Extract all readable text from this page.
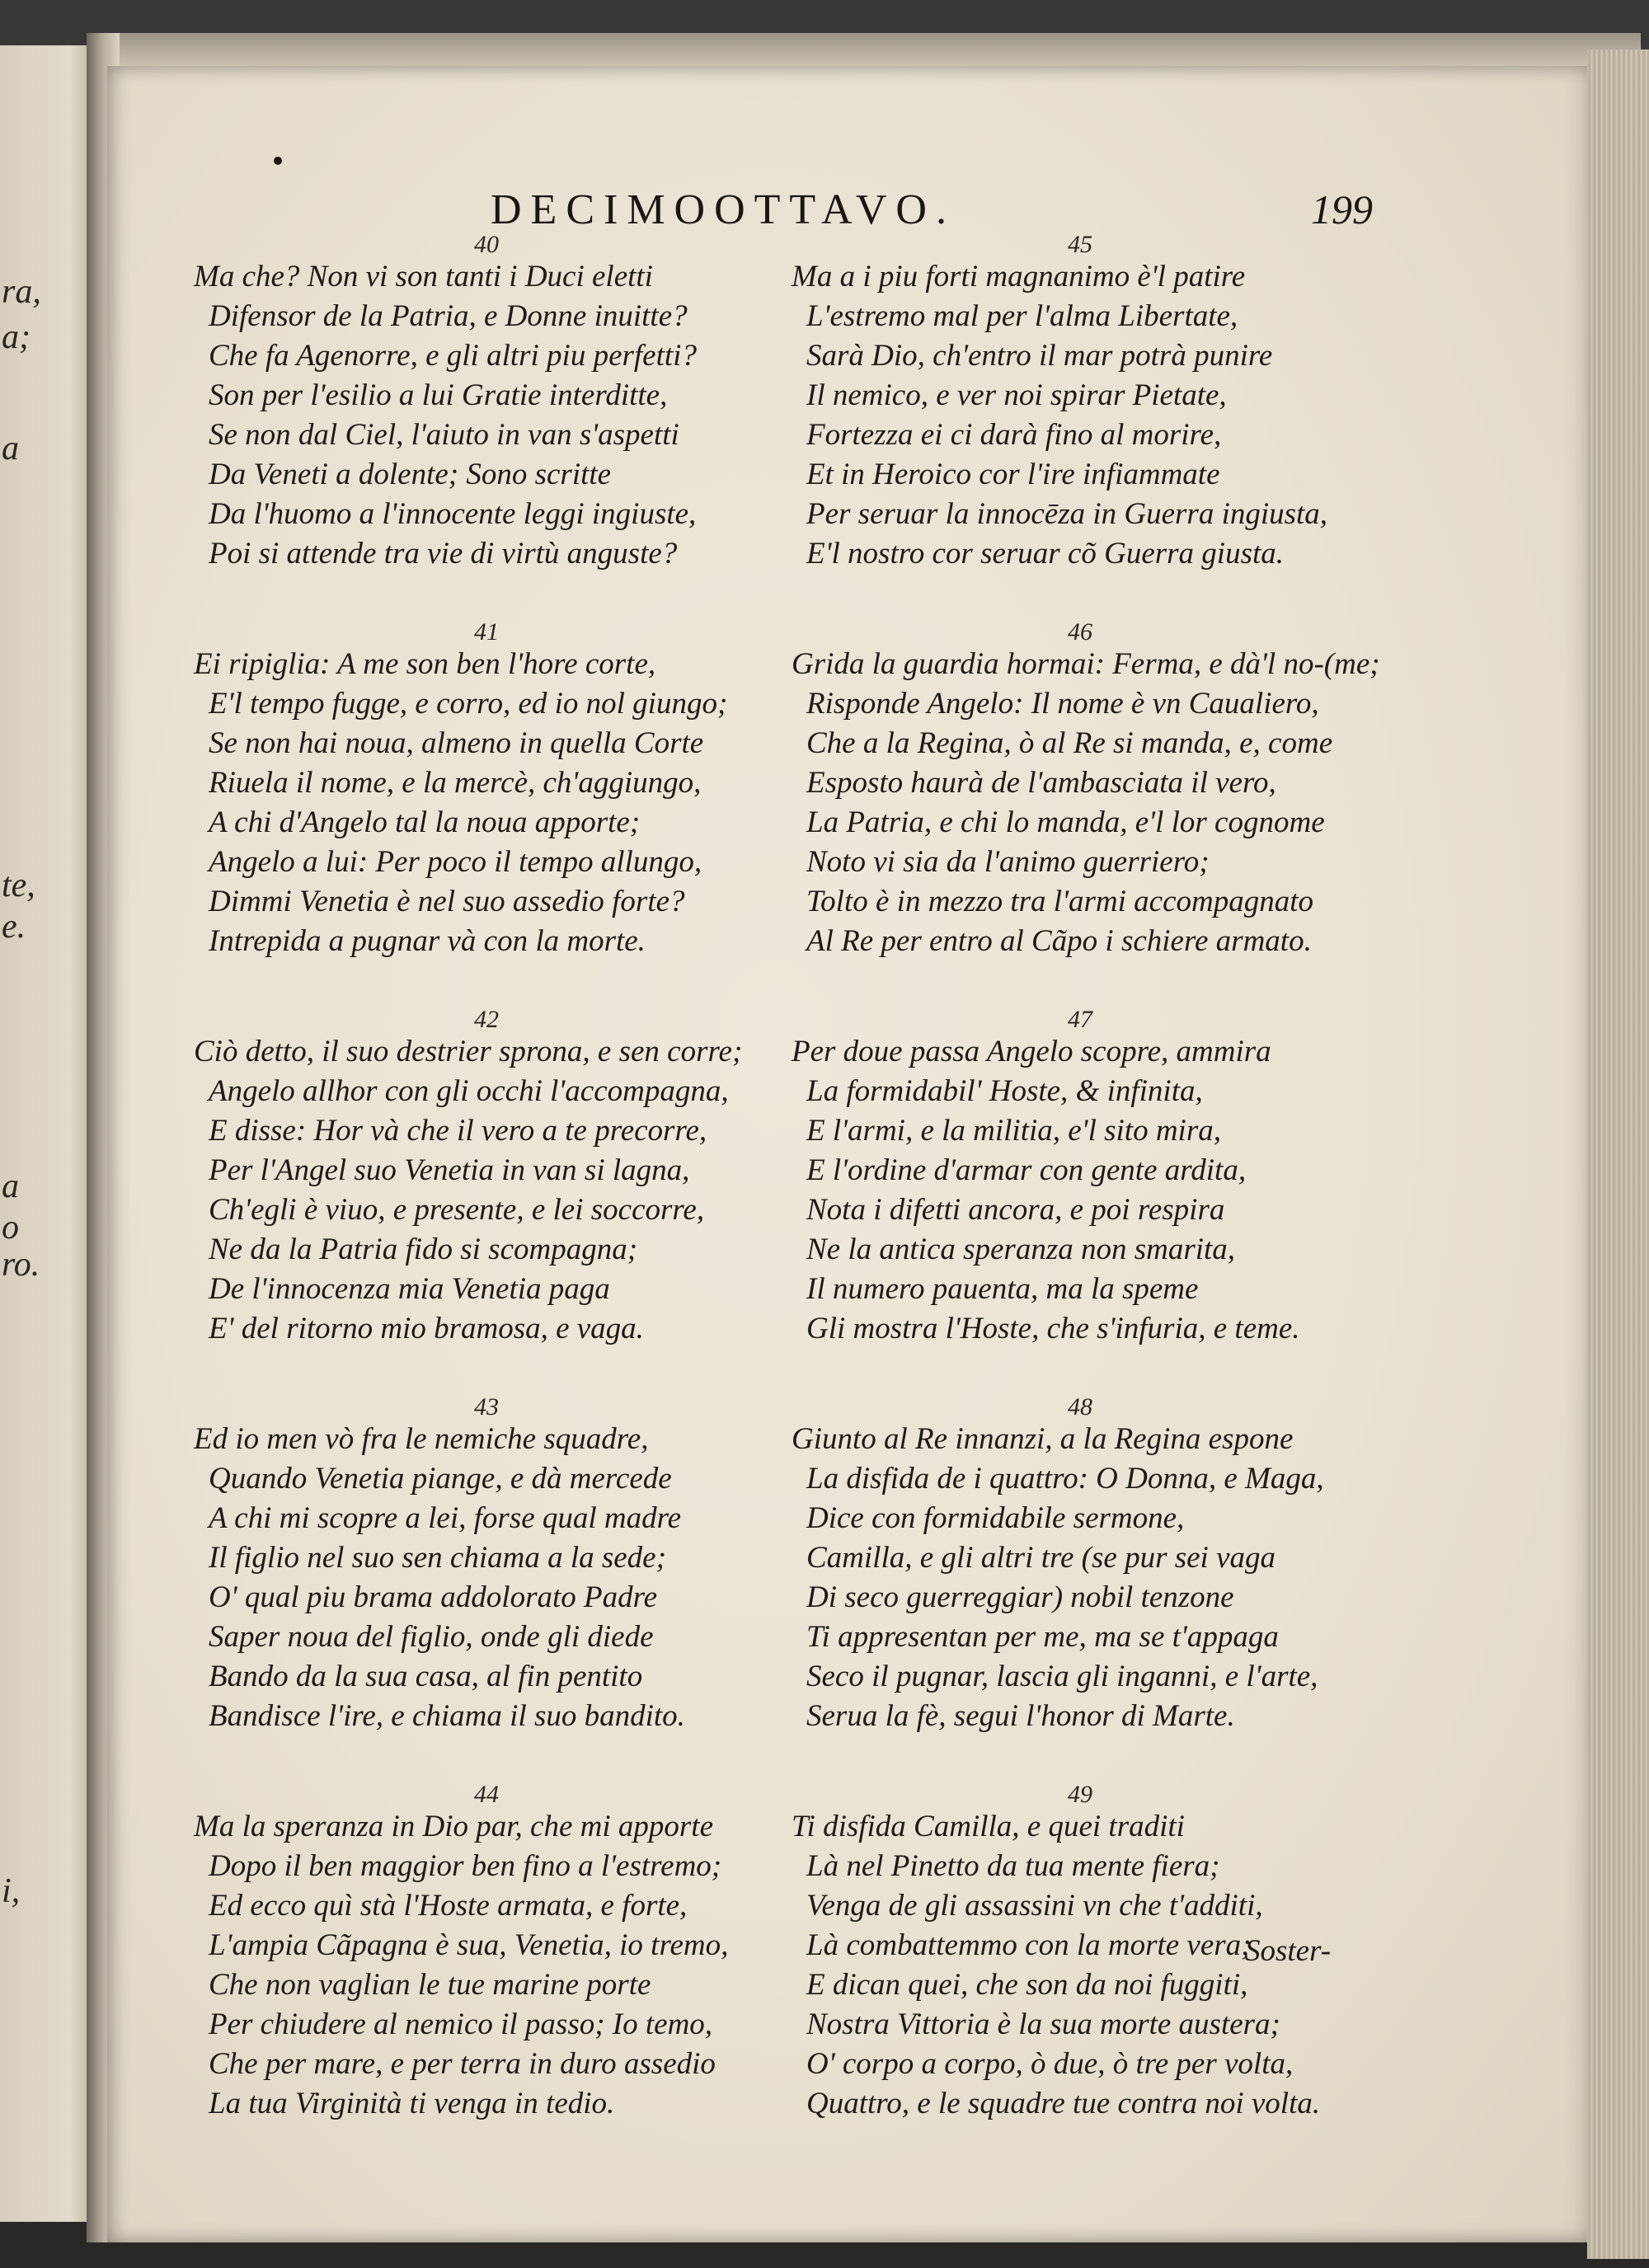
ra,
a;
a
te,
e.
a
o
ro.
i,
DECIMOOTTAVO.	199
40
Ma che? Non vi son tanti i Duci eletti
Difensor de la Patria, e Donne inuitte?
Che fa Agenorre, e gli altri piu perfetti?
Son per l'esilio a lui Gratie interditte,
Se non dal Ciel, l'aiuto in van s'aspetti
Da Veneti a dolente; Sono scritte
Da l'huomo a l'innocente leggi ingiuste,
Poi si attende tra vie di virtù anguste?
41
Ei ripiglia: A me son ben l'hore corte,
E'l tempo fugge, e corro, ed io nol giungo;
Se non hai noua, almeno in quella Corte
Riuela il nome, e la mercè, ch'aggiungo,
A chi d'Angelo tal la noua apporte;
Angelo a lui: Per poco il tempo allungo,
Dimmi Venetia è nel suo assedio forte?
Intrepida a pugnar và con la morte.
42
Ciò detto, il suo destrier sprona, e sen corre;
Angelo allhor con gli occhi l'accompagna,
E disse: Hor và che il vero a te precorre,
Per l'Angel suo Venetia in van si lagna,
Ch'egli è viuo, e presente, e lei soccorre,
Ne da la Patria fido si scompagna;
De l'innocenza mia Venetia paga
E' del ritorno mio bramosa, e vaga.
43
Ed io men vò fra le nemiche squadre,
Quando Venetia piange, e dà mercede
A chi mi scopre a lei, forse qual madre
Il figlio nel suo sen chiama a la sede;
O' qual piu brama addolorato Padre
Saper noua del figlio, onde gli diede
Bando da la sua casa, al fin pentito
Bandisce l'ire, e chiama il suo bandito.
44
Ma la speranza in Dio par, che mi apporte
Dopo il ben maggior ben fino a l'estremo;
Ed ecco quì stà l'Hoste armata, e forte,
L'ampia Cãpagna è sua, Venetia, io tremo,
Che non vaglian le tue marine porte
Per chiudere al nemico il passo; Io temo,
Che per mare, e per terra in duro assedio
La tua Virginità ti venga in tedio.
45
Ma a i piu forti magnanimo è'l patire
L'estremo mal per l'alma Libertate,
Sarà Dio, ch'entro il mar potrà punire
Il nemico, e ver noi spirar Pietate,
Fortezza ei ci darà fino al morire,
Et in Heroico cor l'ire infiammate
Per seruar la innocēza in Guerra ingiusta,
E'l nostro cor seruar cõ Guerra giusta.
46
Grida la guardia hormai: Ferma, e dà'l no-(me;
Risponde Angelo: Il nome è vn Caualiero,
Che a la Regina, ò al Re si manda, e, come
Esposto haurà de l'ambasciata il vero,
La Patria, e chi lo manda, e'l lor cognome
Noto vi sia da l'animo guerriero;
Tolto è in mezzo tra l'armi accompagnato
Al Re per entro al Cãpo i schiere armato.
47
Per doue passa Angelo scopre, ammira
La formidabil' Hoste, & infinita,
E l'armi, e la militia, e'l sito mira,
E l'ordine d'armar con gente ardita,
Nota i difetti ancora, e poi respira
Ne la antica speranza non smarita,
Il numero pauenta, ma la speme
Gli mostra l'Hoste, che s'infuria, e teme.
48
Giunto al Re innanzi, a la Regina espone
La disfida de i quattro: O Donna, e Maga,
Dice con formidabile sermone,
Camilla, e gli altri tre (se pur sei vaga
Di seco guerreggiar) nobil tenzone
Ti appresentan per me, ma se t'appaga
Seco il pugnar, lascia gli inganni, e l'arte,
Serua la fè, segui l'honor di Marte.
49
Ti disfida Camilla, e quei traditi
Là nel Pinetto da tua mente fiera;
Venga de gli assassini vn che t'additi,
Là combattemmo con la morte vera;
E dican quei, che son da noi fuggiti,
Nostra Vittoria è la sua morte austera;
O' corpo a corpo, ò due, ò tre per volta,
Quattro, e le squadre tue contra noi volta.
Soster-
